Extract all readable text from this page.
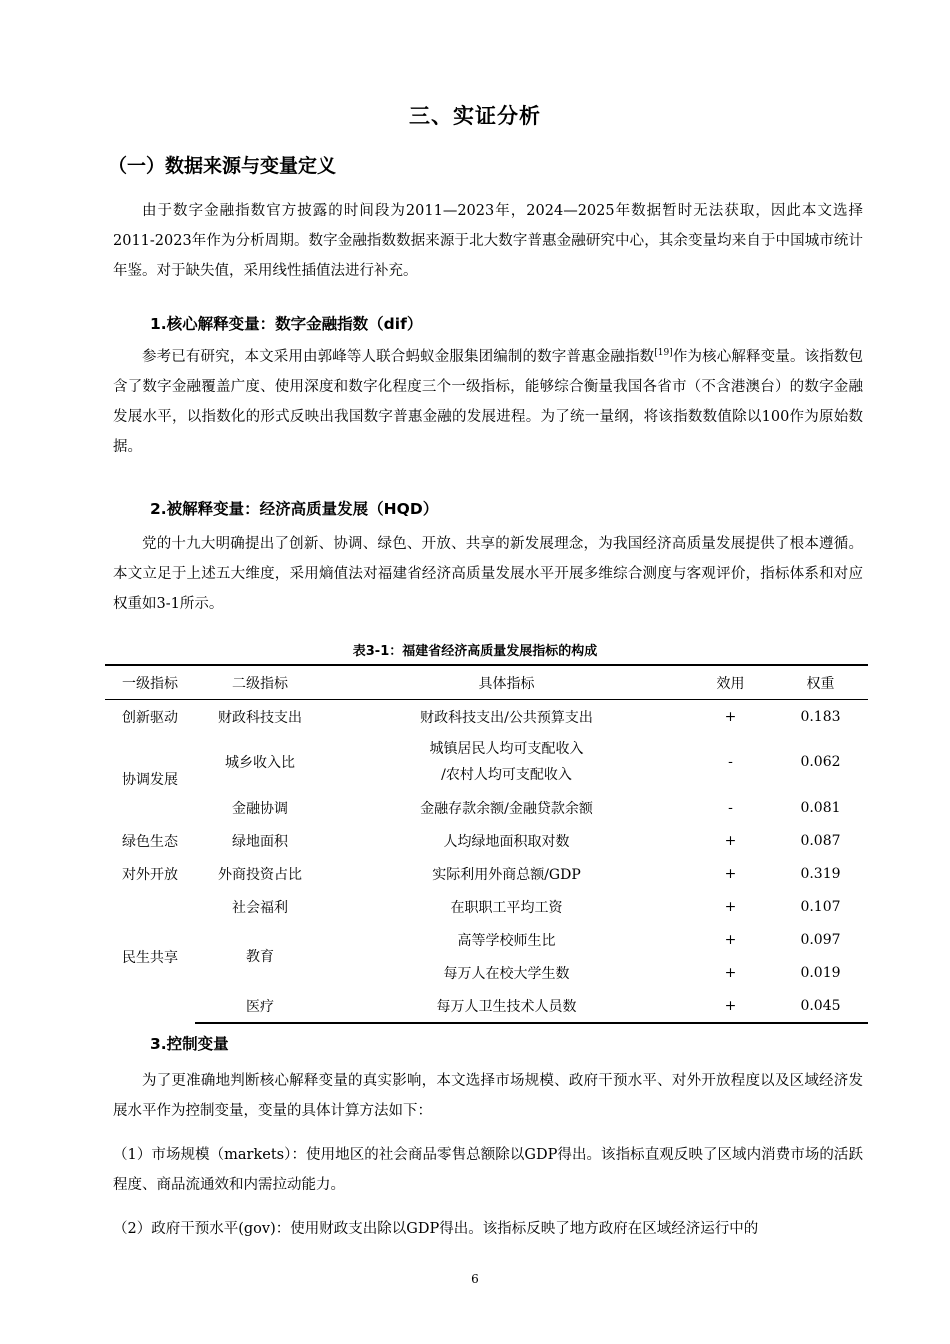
三、实证分析
（一）数据来源与变量定义

由于数字金融指数官方披露的时间段为2011—2023年，2024—2025年数据暂时无法获取，因此本文选择2011-2023年作为分析周期。数字金融指数数据来源于北大数字普惠金融研究中心，其余变量均来自于中国城市统计年鉴。对于缺失值，采用线性插值法进行补充。

1.核心解释变量：数字金融指数（dif）

参考已有研究，本文采用由郭峰等人联合蚂蚁金服集团编制的数字普惠金融指数[19]作为核心解释变量。该指数包含了数字金融覆盖广度、使用深度和数字化程度三个一级指标，能够综合衡量我国各省市（不含港澳台）的数字金融发展水平，以指数化的形式反映出我国数字普惠金融的发展进程。为了统一量纲，将该指数数值除以100作为原始数据。

2.被解释变量：经济高质量发展（HQD）

党的十九大明确提出了创新、协调、绿色、开放、共享的新发展理念，为我国经济高质量发展提供了根本遵循。本文立足于上述五大维度，采用熵值法对福建省经济高质量发展水平开展多维综合测度与客观评价，指标体系和对应权重如3-1所示。

表3-1：福建省经济高质量发展指标的构成
一级指标	二级指标	具体指标	效用	权重
创新驱动	财政科技支出	财政科技支出/公共预算支出	+	0.183
协调发展	城乡收入比	城镇居民人均可支配收入
/农村人均可支配收入	-	0.062
	金融协调	金融存款余额/金融贷款余额	-	0.081
绿色生态	绿地面积	人均绿地面积取对数	+	0.087
对外开放	外商投资占比	实际利用外商总额/GDP	+	0.319
民生共享	社会福利	在职职工平均工资	+	0.107
	教育	高等学校师生比	+	0.097
		每万人在校大学生数	+	0.019
	医疗	每万人卫生技术人员数	+	0.045
3.控制变量

为了更准确地判断核心解释变量的真实影响，本文选择市场规模、政府干预水平、对外开放程度以及区域经济发展水平作为控制变量，变量的具体计算方法如下：

（1）市场规模（markets）：使用地区的社会商品零售总额除以GDP得出。该指标直观反映了区域内消费市场的活跃程度、商品流通效和内需拉动能力。

（2）政府干预水平(gov)：使用财政支出除以GDP得出。该指标反映了地方政府在区域经济运行中的

6
